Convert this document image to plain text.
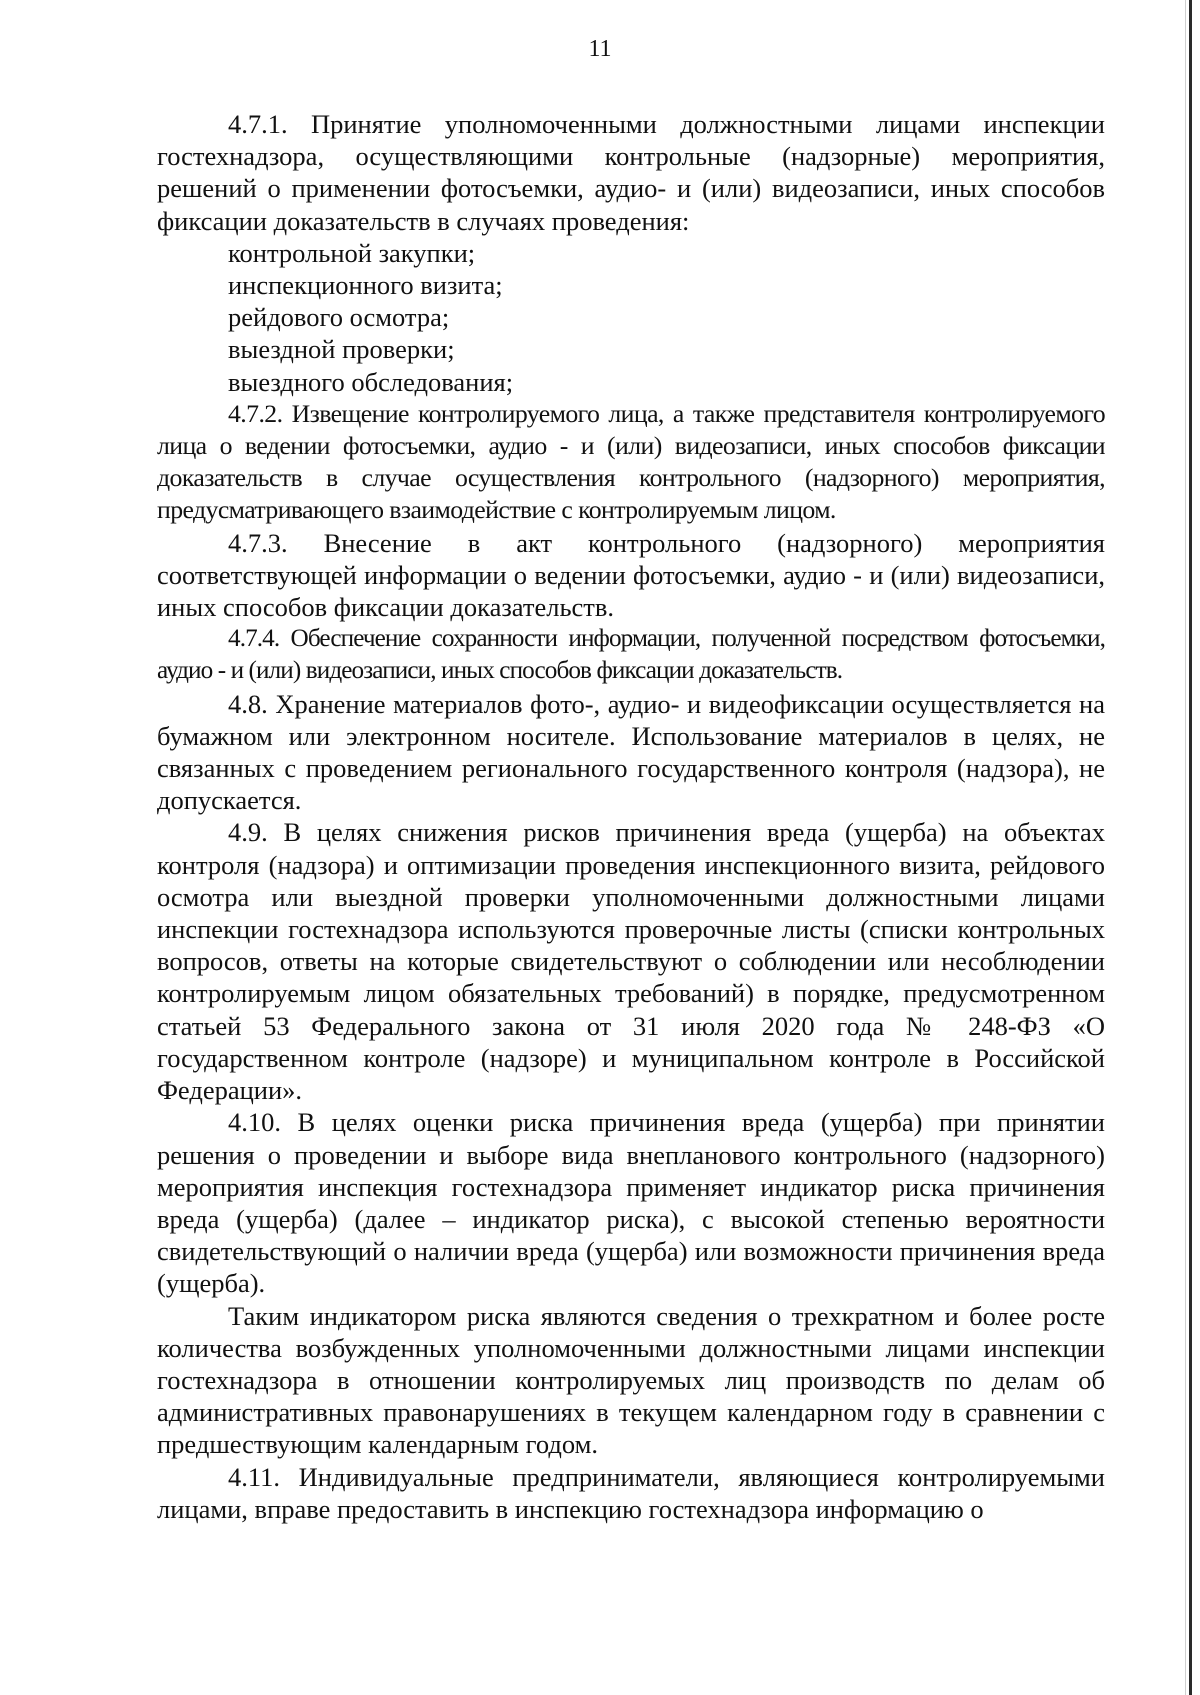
11

4.7.1. Принятие уполномоченными должностными лицами инспекции гостехнадзора, осуществляющими контрольные (надзорные) мероприятия, решений о применении фотосъемки, аудио- и (или) видеозаписи, иных способов фиксации доказательств в случаях проведения:

контрольной закупки;

инспекционного визита;

рейдового осмотра;

выездной проверки;

выездного обследования;

4.7.2. Извещение контролируемого лица, а также представителя контролируемого лица о ведении фотосъемки, аудио - и (или) видеозаписи, иных способов фиксации доказательств в случае осуществления контрольного (надзорного) мероприятия, предусматривающего взаимодействие с контролируемым лицом.

4.7.3. Внесение в акт контрольного (надзорного) мероприятия соответствующей информации о ведении фотосъемки, аудио - и (или) видеозаписи, иных способов фиксации доказательств.

4.7.4. Обеспечение сохранности информации, полученной посредством фотосъемки, аудио - и (или) видеозаписи, иных способов фиксации доказательств.

4.8. Хранение материалов фото-, аудио- и видеофиксации осуществляется на бумажном или электронном носителе. Использование материалов в целях, не связанных с проведением регионального государственного контроля (надзора), не допускается.

4.9. В целях снижения рисков причинения вреда (ущерба) на объектах контроля (надзора) и оптимизации проведения инспекционного визита, рейдового осмотра или выездной проверки уполномоченными должностными лицами инспекции гостехнадзора используются проверочные листы (списки контрольных вопросов, ответы на которые свидетельствуют о соблюдении или несоблюдении контролируемым лицом обязательных требований) в порядке, предусмотренном статьей 53 Федерального закона от 31 июля 2020 года № 248-ФЗ «О государственном контроле (надзоре) и муниципальном контроле в Российской Федерации».

4.10. В целях оценки риска причинения вреда (ущерба) при принятии решения о проведении и выборе вида внепланового контрольного (надзорного) мероприятия инспекция гостехнадзора применяет индикатор риска причинения вреда (ущерба) (далее – индикатор риска), с высокой степенью вероятности свидетельствующий о наличии вреда (ущерба) или возможности причинения вреда (ущерба).

Таким индикатором риска являются сведения о трехкратном и более росте количества возбужденных уполномоченными должностными лицами инспекции гостехнадзора в отношении контролируемых лиц производств по делам об административных правонарушениях в текущем календарном году в сравнении с предшествующим календарным годом.

4.11. Индивидуальные предприниматели, являющиеся контролируемыми лицами, вправе предоставить в инспекцию гостехнадзора информацию о
